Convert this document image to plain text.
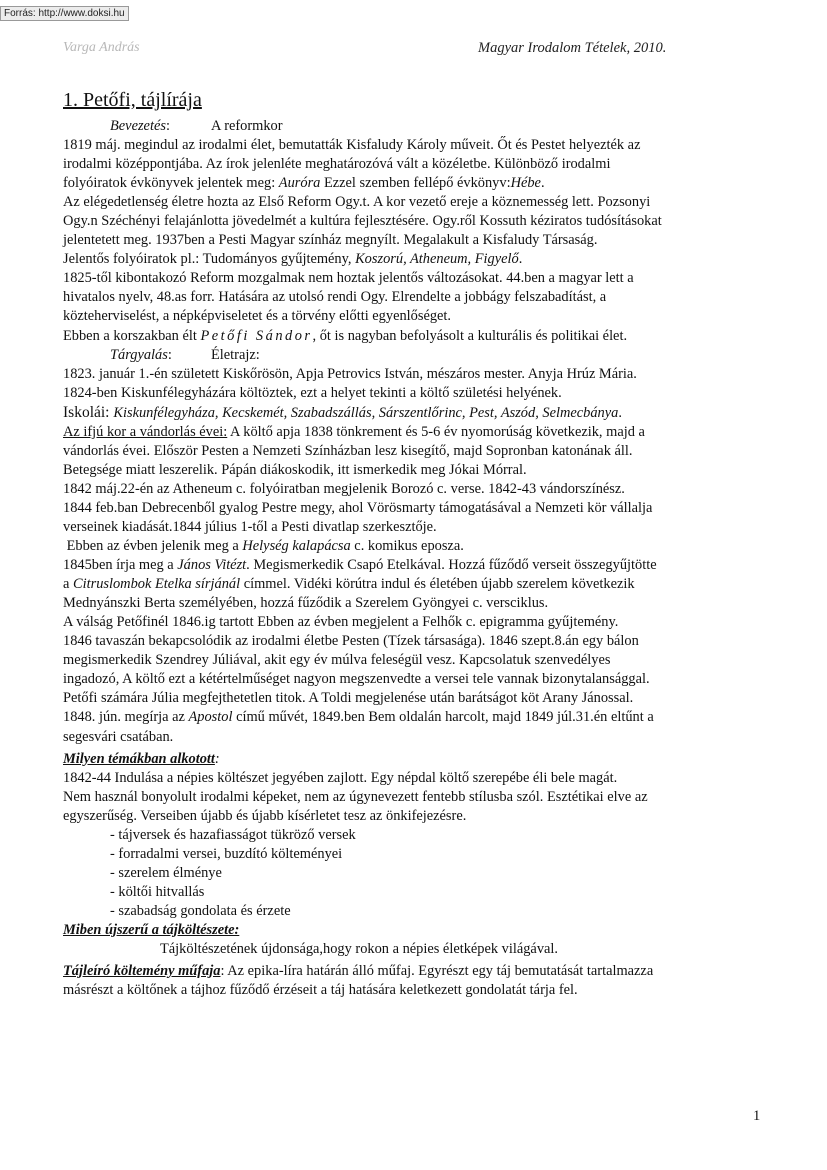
Forrás: http://www.doksi.hu
Varga András	Magyar Irodalom Tételek, 2010.
1. Petőfi, tájlírája

Bevezetés:	A reformkor

1819 máj. megindul az irodalmi élet, bemutatták Kisfaludy Károly műveit. Őt és Pestet helyezték az

irodalmi középpontjába. Az írok jelenléte meghatározóvá vált a közéletbe. Különböző irodalmi

folyóiratok évkönyvek jelentek meg: Auróra Ezzel szemben fellépő évkönyv:Hébe.

Az elégedetlenség életre hozta az Első Reform Ogy.t. A kor vezető ereje a köznemesség lett. Pozsonyi

Ogy.n Széchényi felajánlotta jövedelmét a kultúra fejlesztésére. Ogy.ről Kossuth kéziratos tudósításokat

jelentetett meg. 1937ben a Pesti Magyar színház megnyílt. Megalakult a Kisfaludy Társaság.

Jelentős folyóiratok pl.: Tudományos gyűjtemény, Koszorú, Atheneum, Figyelő.

1825-től kibontakozó Reform mozgalmak nem hoztak jelentős változásokat. 44.ben a magyar lett a

hivatalos nyelv, 48.as forr. Hatására az utolsó rendi Ogy. Elrendelte a jobbágy felszabadítást, a

közteherviselést, a népképviseletet és a törvény előtti egyenlőséget.

Ebben a korszakban élt Petőfi Sándor, őt is nagyban befolyásolt a kulturális és politikai élet.

Tárgyalás:	Életrajz:

1823. január 1.-én született Kiskőrösön, Apja Petrovics István, mészáros mester. Anyja Hrúz Mária.

1824-ben Kiskunfélegyházára költöztek, ezt a helyet tekinti a költő születési helyének.

Iskolái: Kiskunfélegyháza, Kecskemét, Szabadszállás, Sárszentlőrinc, Pest, Aszód, Selmecbánya.

Az ifjú kor a vándorlás évei: A költő apja 1838 tönkrement és 5-6 év nyomorúság következik, majd a

vándorlás évei. Először Pesten a Nemzeti Színházban lesz kisegítő, majd Sopronban katonának áll.

Betegsége miatt leszerelik. Pápán diákoskodik, itt ismerkedik meg Jókai Mórral.

1842 máj.22-én az Atheneum c. folyóiratban megjelenik Borozó c. verse. 1842-43 vándorszínész.

1844 feb.ban Debrecenből gyalog Pestre megy, ahol Vörösmarty támogatásával a Nemzeti kör vállalja

verseinek kiadását.1844 július 1-től a Pesti divatlap szerkesztője.

Ebben az évben jelenik meg a Helység kalapácsa c. komikus eposza.

1845ben írja meg a János Vitézt. Megismerkedik Csapó Etelkával. Hozzá fűződő verseit összegyűjtötte

a Citruslombok Etelka sírjánál címmel. Vidéki körútra indul és életében újabb szerelem következik

Mednyánszki Berta személyében, hozzá fűződik a Szerelem Gyöngyei c. versciklus.

A válság Petőfinél 1846.ig tartott Ebben az évben megjelent a Felhők c. epigramma gyűjtemény.

1846 tavaszán bekapcsolódik az irodalmi életbe Pesten (Tízek társasága). 1846 szept.8.án egy bálon

megismerkedik Szendrey Júliával, akit egy év múlva feleségül vesz. Kapcsolatuk szenvedélyes

ingadozó, A költő ezt a kétértelműséget nagyon megszenvedte a versei tele vannak bizonytalansággal.

Petőfi számára Júlia megfejthetetlen titok. A Toldi megjelenése után barátságot köt Arany Jánossal.

1848. jún. megírja az Apostol című művét, 1849.ben Bem oldalán harcolt, majd 1849 júl.31.én eltűnt a

segesvári csatában.

Milyen témákban alkotott:

1842-44 Indulása a népies költészet jegyében zajlott. Egy népdal költő szerepébe éli bele magát.

Nem használ bonyolult irodalmi képeket, nem az úgynevezett fentebb stílusba szól. Esztétikai elve az

egyszerűség. Verseiben újabb és újabb kísérletet tesz az önkifejezésre.

- tájversek és hazafiasságot tükröző versek

- forradalmi versei, buzdító költeményei

- szerelem élménye

- költői hitvallás

- szabadság gondolata és érzete

Miben újszerű a tájköltészete:

Tájköltészetének újdonsága,hogy rokon a népies életképek világával.

Tájleíró költemény műfaja: Az epika-líra határán álló műfaj. Egyrészt egy táj bemutatását tartalmazza

másrészt a költőnek a tájhoz fűződő érzéseit a táj hatására keletkezett gondolatát tárja fel.

1
